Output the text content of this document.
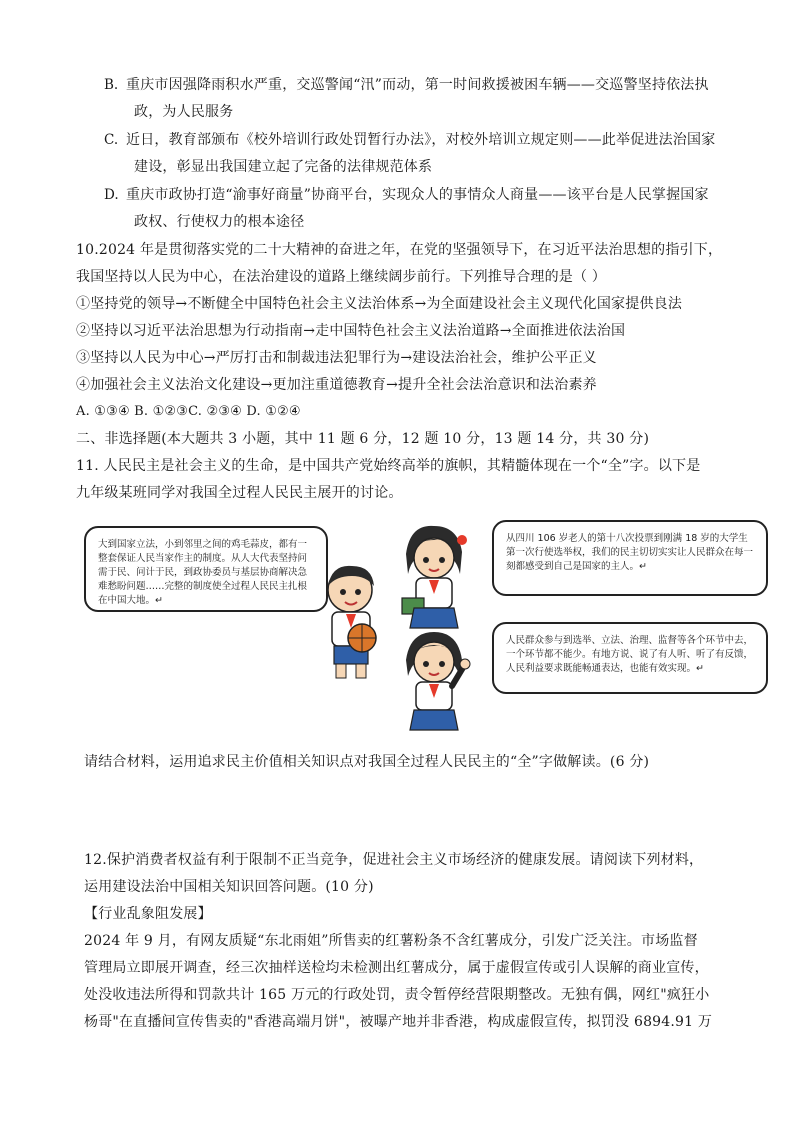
B. 重庆市因强降雨积水严重，交巡警闻“汛”而动，第一时间救援被困车辆——交巡警坚持依法执
政，为人民服务
C. 近日，教育部颁布《校外培训行政处罚暂行办法》，对校外培训立规定则——此举促进法治国家
建设，彰显出我国建立起了完备的法律规范体系
D. 重庆市政协打造“渝事好商量”协商平台，实现众人的事情众人商量——该平台是人民掌握国家
政权、行使权力的根本途径
10.2024 年是贯彻落实党的二十大精神的奋进之年，在党的坚强领导下，在习近平法治思想的指引下，
我国坚持以人民为中心，在法治建设的道路上继续阔步前行。下列推导合理的是（ ）
①坚持党的领导→不断健全中国特色社会主义法治体系→为全面建设社会主义现代化国家提供良法
②坚持以习近平法治思想为行动指南→走中国特色社会主义法治道路→全面推进依法治国
③坚持以人民为中心→严厉打击和制裁违法犯罪行为→建设法治社会，维护公平正义
④加强社会主义法治文化建设→更加注重道德教育→提升全社会法治意识和法治素养
A. ①③④ B. ①②③C. ②③④ D. ①②④
二、非选择题(本大题共 3 小题，其中 11 题 6 分，12 题 10 分，13 题 14 分，共 30 分)
11. 人民民主是社会主义的生命，是中国共产党始终高举的旗帜，其精髓体现在一个“全”字。以下是
九年级某班同学对我国全过程人民民主展开的讨论。
大到国家立法，小到邻里之间的鸡毛蒜皮，都有一整套保证人民当家作主的制度。从人大代表坚持问需于民、问计于民，到政协委员与基层协商解决急难愁盼问题……完整的制度使全过程人民民主扎根在中国大地。↵
从四川 106 岁老人的第十八次投票到刚满 18 岁的大学生第一次行使选举权，我们的民主切切实实让人民群众在每一刻都感受到自己是国家的主人。↵
人民群众参与到选举、立法、治理、监督等各个环节中去，一个环节都不能少。有地方说、说了有人听、听了有反馈，人民利益要求既能畅通表达，也能有效实现。↵
请结合材料，运用追求民主价值相关知识点对我国全过程人民民主的“全”字做解读。(6 分)
12.保护消费者权益有利于限制不正当竞争，促进社会主义市场经济的健康发展。请阅读下列材料，
运用建设法治中国相关知识回答问题。(10 分)
【行业乱象阻发展】
2024 年 9 月，有网友质疑“东北雨姐”所售卖的红薯粉条不含红薯成分，引发广泛关注。市场监督
管理局立即展开调查，经三次抽样送检均未检测出红薯成分，属于虚假宣传或引人误解的商业宣传，
处没收违法所得和罚款共计 165 万元的行政处罚，责令暂停经营限期整改。无独有偶，网红"疯狂小
杨哥"在直播间宣传售卖的"香港高端月饼"，被曝产地并非香港，构成虚假宣传，拟罚没 6894.91 万
